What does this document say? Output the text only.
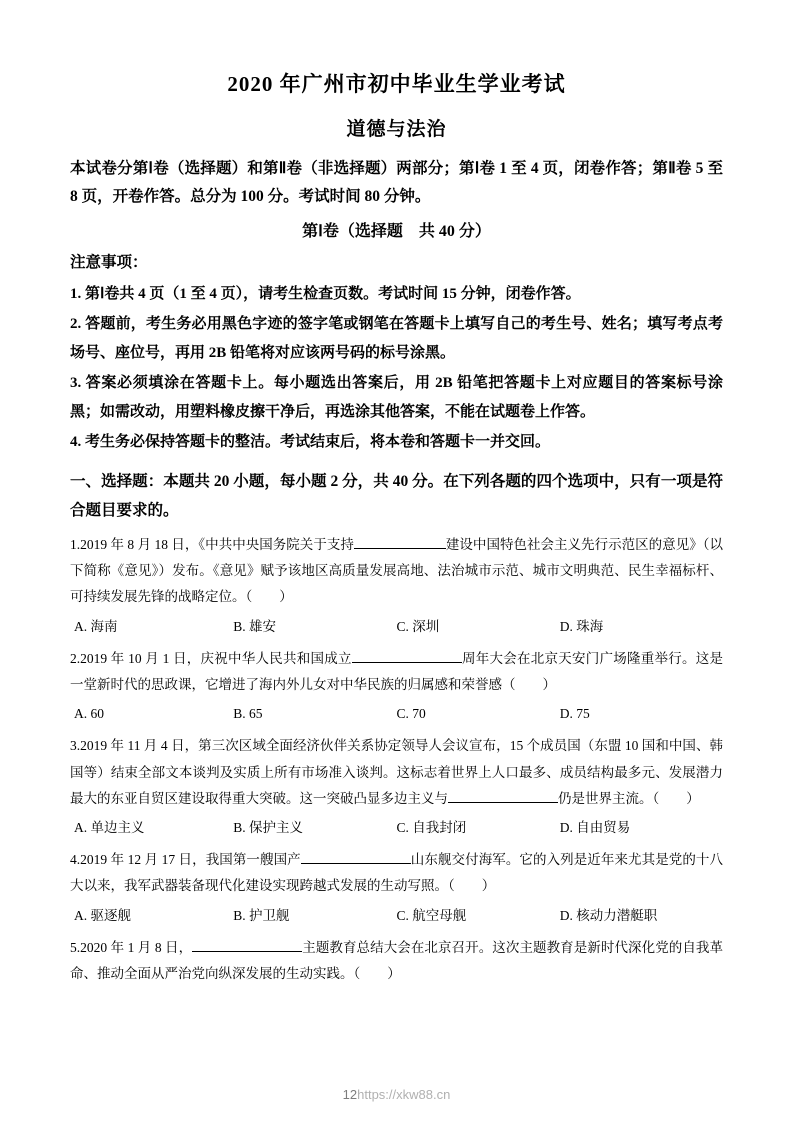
2020 年广州市初中毕业生学业考试
道德与法治

本试卷分第Ⅰ卷（选择题）和第Ⅱ卷（非选择题）两部分；第Ⅰ卷 1 至 4 页，闭卷作答；第Ⅱ卷 5 至 8 页，开卷作答。总分为 100 分。考试时间 80 分钟。

第Ⅰ卷（选择题　共 40 分）

注意事项：

1. 第Ⅰ卷共 4 页（1 至 4 页），请考生检查页数。考试时间 15 分钟，闭卷作答。

2. 答题前，考生务必用黑色字迹的签字笔或钢笔在答题卡上填写自己的考生号、姓名；填写考点考场号、座位号，再用 2B 铅笔将对应该两号码的标号涂黑。

3. 答案必须填涂在答题卡上。每小题选出答案后，用 2B 铅笔把答题卡上对应题目的答案标号涂黑；如需改动，用塑料橡皮擦干净后，再选涂其他答案，不能在试题卷上作答。

4. 考生务必保持答题卡的整洁。考试结束后，将本卷和答题卡一并交回。

一、选择题：本题共 20 小题，每小题 2 分，共 40 分。在下列各题的四个选项中，只有一项是符合题目要求的。

1.2019 年 8 月 18 日，《中共中央国务院关于支持	建设中国特色社会主义先行示范区的意见》（以下简称《意见》）发布。《意见》赋予该地区高质量发展高地、法治城市示范、城市文明典范、民生幸福标杆、可持续发展先锋的战略定位。（　　）

A. 海南	B. 雄安	C. 深圳	D. 珠海

2.2019 年 10 月 1 日，庆祝中华人民共和国成立	周年大会在北京天安门广场隆重举行。这是一堂新时代的思政课，它增进了海内外儿女对中华民族的归属感和荣誉感（　　）

A. 60	B. 65	C. 70	D. 75

3.2019 年 11 月 4 日，第三次区域全面经济伙伴关系协定领导人会议宣布，15 个成员国（东盟 10 国和中国、韩国等）结束全部文本谈判及实质上所有市场准入谈判。这标志着世界上人口最多、成员结构最多元、发展潜力最大的东亚自贸区建设取得重大突破。这一突破凸显多边主义与	仍是世界主流。（　　）

A. 单边主义	B. 保护主义	C. 自我封闭	D. 自由贸易

4.2019 年 12 月 17 日，我国第一艘国产	山东舰交付海军。它的入列是近年来尤其是党的十八大以来，我军武器装备现代化建设实现跨越式发展的生动写照。（　　）

A. 驱逐舰	B. 护卫舰	C. 航空母舰	D. 核动力潜艇职

5.2020 年 1 月 8 日，	主题教育总结大会在北京召开。这次主题教育是新时代深化党的自我革命、推动全面从严治党向纵深发展的生动实践。（　　）

12https://xkw88.cn
